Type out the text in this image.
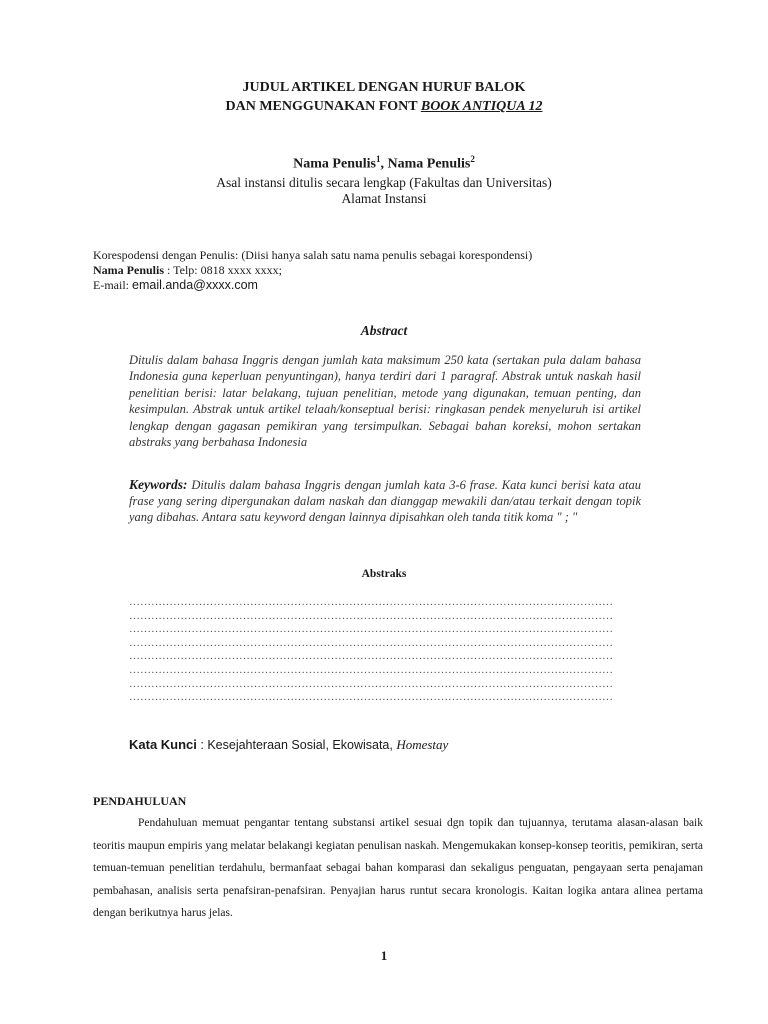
JUDUL ARTIKEL DENGAN HURUF BALOK
DAN MENGGUNAKAN FONT BOOK ANTIQUA 12
Nama Penulis$^1$, Nama Penulis$^2$
Asal instansi ditulis secara lengkap (Fakultas dan Universitas)
Alamat Instansi
Korespodensi dengan Penulis: (Diisi hanya salah satu nama penulis sebagai korespondensi)
Nama Penulis : Telp: 0818 xxxx xxxx;
E-mail: email.anda@xxxx.com
Abstract
Ditulis dalam bahasa Inggris dengan jumlah kata maksimum 250 kata (sertakan pula dalam bahasa Indonesia guna keperluan penyuntingan), hanya terdiri dari 1 paragraf. Abstrak untuk naskah hasil penelitian berisi: latar belakang, tujuan penelitian, metode yang digunakan, temuan penting, dan kesimpulan. Abstrak untuk artikel telaah/konseptual berisi: ringkasan pendek menyeluruh isi artikel lengkap dengan gagasan pemikiran yang tersimpulkan. Sebagai bahan koreksi, mohon sertakan abstraks yang berbahasa Indonesia
Keywords: Ditulis dalam bahasa Inggris dengan jumlah kata 3-6 frase. Kata kunci berisi kata atau frase yang sering dipergunakan dalam naskah dan dianggap mewakili dan/atau terkait dengan topik yang dibahas. Antara satu keyword dengan lainnya dipisahkan oleh tanda titik koma " ; "
Abstraks
……………………………………………………………………………………………………………………
……………………………………………………………………………………………………………………
……………………………………………………………………………………………………………………
……………………………………………………………………………………………………………………
……………………………………………………………………………………………………………………
……………………………………………………………………………………………………………………
……………………………………………………………………………………………………………………
……………………………………………………………………………………………………………………
Kata Kunci : Kesejahteraan Sosial, Ekowisata, Homestay
PENDAHULUAN

Pendahuluan memuat pengantar tentang substansi artikel sesuai dgn topik dan tujuannya, terutama alasan-alasan baik teoritis maupun empiris yang melatar belakangi kegiatan penulisan naskah. Mengemukakan konsep-konsep teoritis, pemikiran, serta temuan-temuan penelitian terdahulu, bermanfaat sebagai bahan komparasi dan sekaligus penguatan, pengayaan serta penajaman pembahasan, analisis serta penafsiran-penafsiran. Penyajian harus runtut secara kronologis. Kaitan logika antara alinea pertama dengan berikutnya harus jelas.

1
